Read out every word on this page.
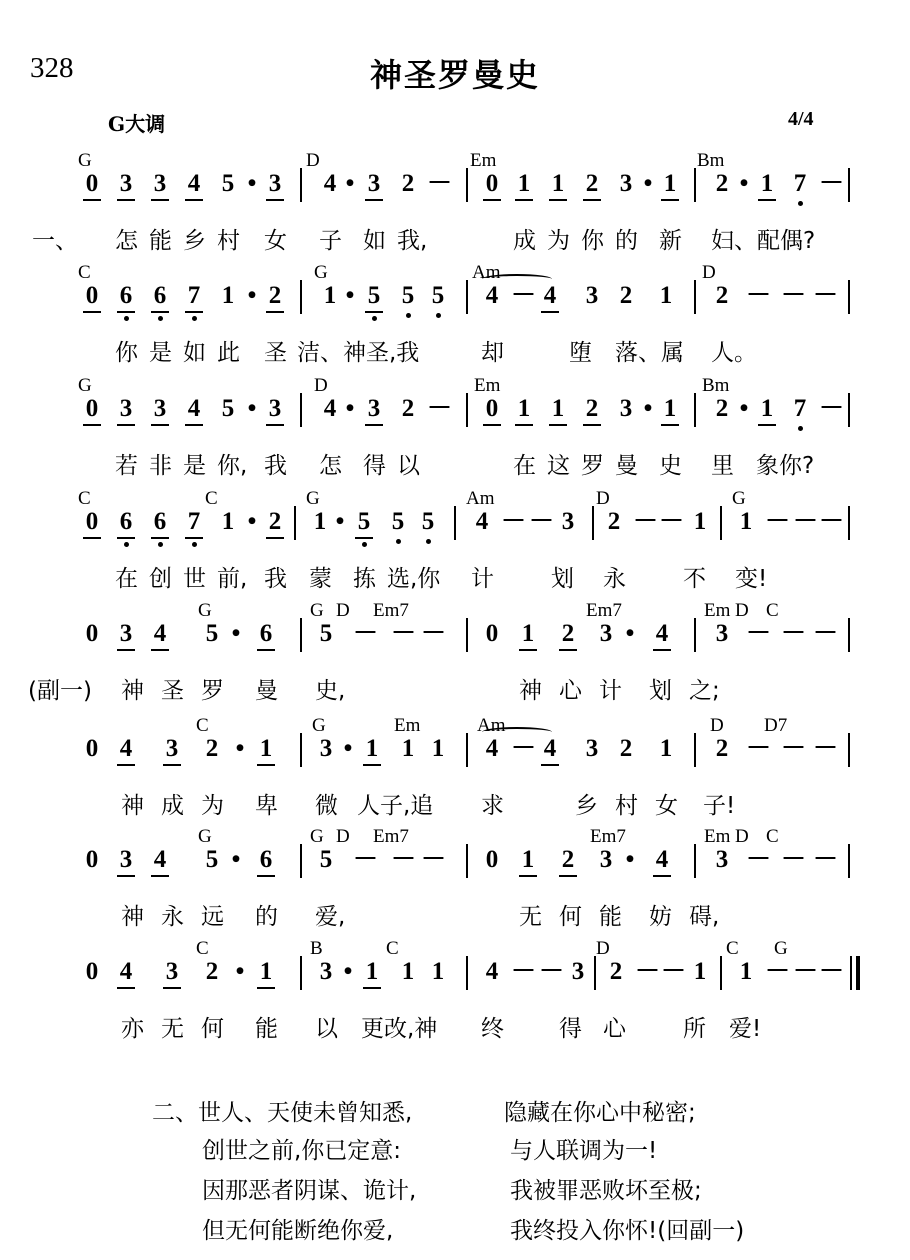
328	神圣罗曼史
G大调	4/4
G	D	Em	Bm
0 3 3 4 5 • 3 4 • 3 2 － 0 1 1 2 3 • 1 2 • 1 7 －
一、 怎 能 乡 村 女 子 如 我,	成 为 你 的 新 妇、配偶?
C	G	Am	D
0 6 6 7 1 • 2 1 • 5 5 5 4 － 4 3 2 1 2 － － －
你 是 如 此 圣 洁、神圣,我	却	堕 落、属 人。
G	D	Em	Bm
0 3 3 4 5 • 3 4 • 3 2 － 0 1 1 2 3 • 1 2 • 1 7 －
若 非 是 你, 我 怎 得 以	在 这 罗 曼 史 里 象你?
C	C	G	Am	D	G
0 6 6 7 1 • 2 1 • 5 5 5 4 － － 3 2 － － 1 1 － － －
在 创 世 前, 我 蒙 拣 选,你 计 划 永 不 变!
G	G D Em7	Em7	Em D C
0 3 4 5 • 6 5 － － － 0 1 2 3 • 4 3 － － －
(副一) 神 圣 罗 曼 史,	神 心 计 划 之;
C	G	Em	Am	D D7
0 4 3 2 • 1 3 • 1 1 1 4 － 4 3 2 1 2 － － －
神 成 为 卑 微 人子,追 求	乡 村 女 子!
G	G D Em7	Em7	Em D C
0 3 4 5 • 6 5 － － － 0 1 2 3 • 4 3 － － －
神 永 远 的 爱,	无 何 能 妨 碍,
C	B	C	D	C G
0 4 3 2 • 1 3 • 1 1 1 4 － － 3 2 － － 1 1 － － －
亦 无 何 能 以 更改,神 终 得 心 所 爱!
二、世人、天使未曾知悉,	隐藏在你心中秘密;
创世之前,你已定意:	与人联调为一!
因那恶者阴谋、诡计,	我被罪恶败坏至极;
但无何能断绝你爱,	我终投入你怀!(回副一)
